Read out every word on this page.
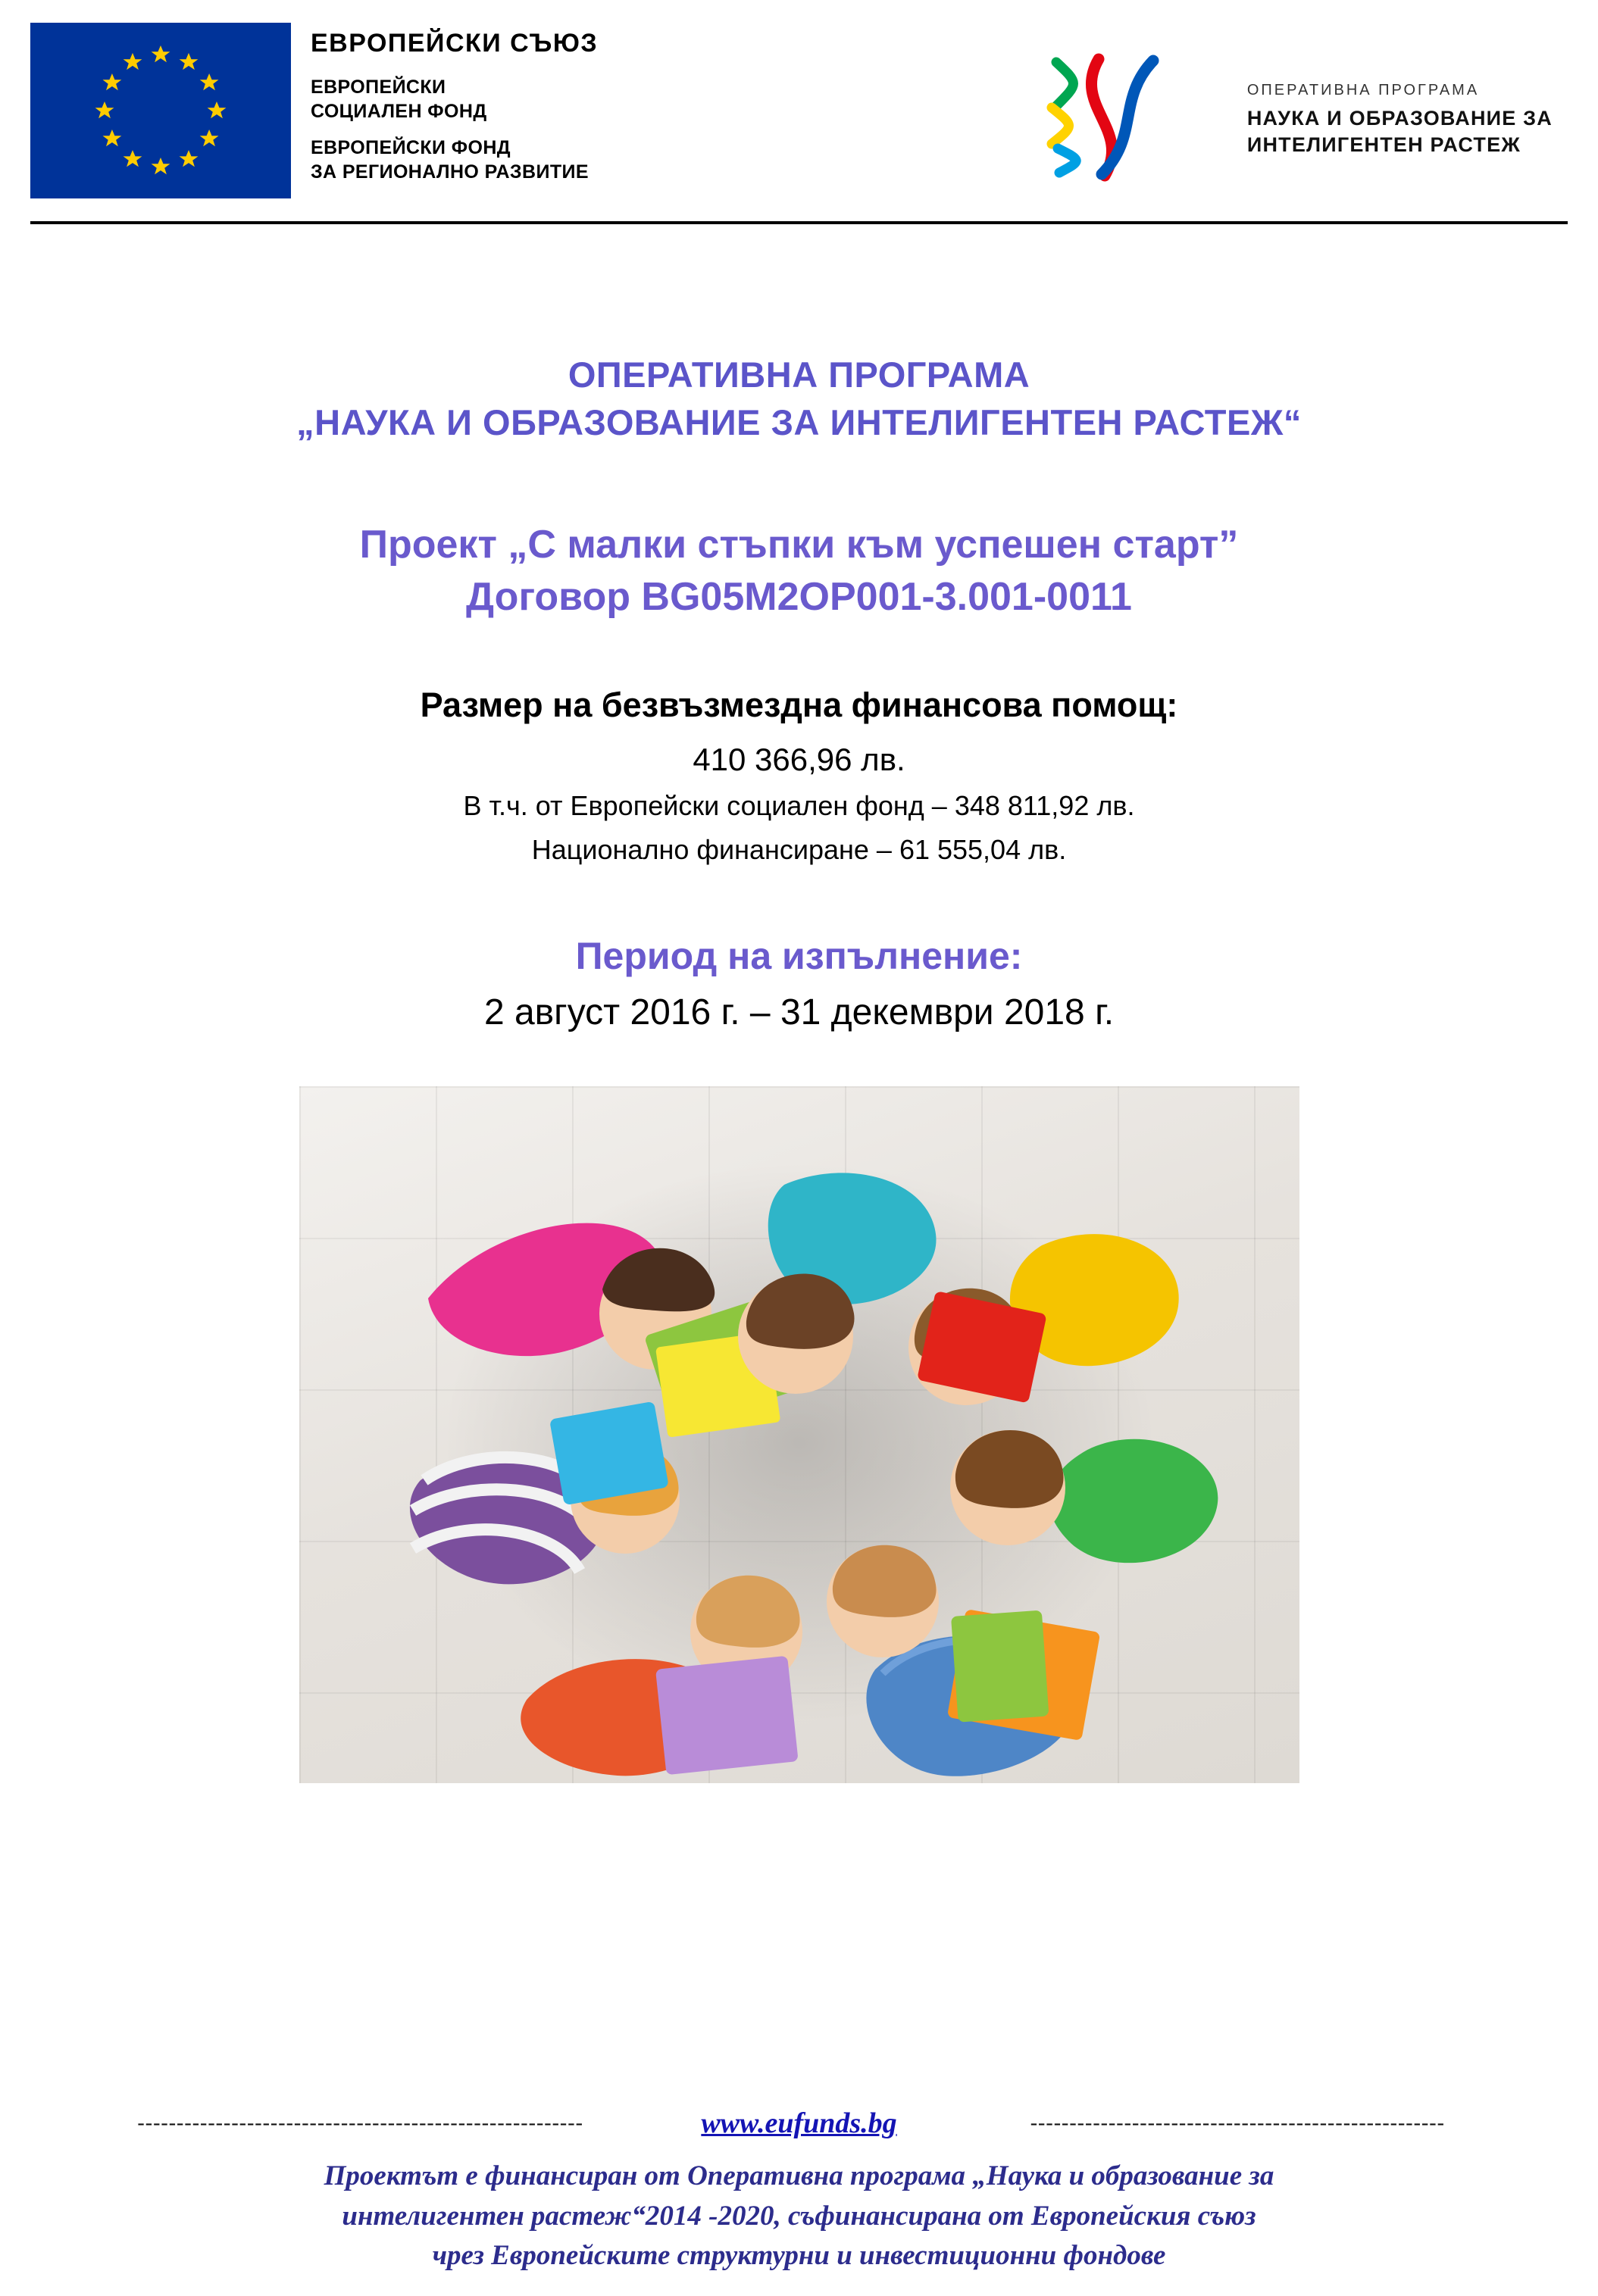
ЕВРОПЕЙСКИ СЪЮЗ
ЕВРОПЕЙСКИ
СОЦИАЛЕН ФОНД
ЕВРОПЕЙСКИ ФОНД
ЗА РЕГИОНАЛНО РАЗВИТИЕ
ОПЕРАТИВНА ПРОГРАМА
НАУКА И ОБРАЗОВАНИЕ ЗА
ИНТЕЛИГЕНТЕН РАСТЕЖ
ОПЕРАТИВНА ПРОГРАМА
„НАУКА И ОБРАЗОВАНИЕ ЗА ИНТЕЛИГЕНТЕН РАСТЕЖ“
Проект „С малки стъпки към успешен старт”
Договор BG05M2OP001-3.001-0011
Размер на безвъзмездна финансова помощ:
410 366,96 лв.
В т.ч. от Европейски социален фонд – 348 811,92 лв.
Национално финансиране – 61 555,04 лв.
Период на изпълнение:
2 август 2016 г. – 31 декември 2018 г.
---------------------------------------------------------	www.eufunds.bg	-----------------------------------------------------
Проектът е финансиран от Оперативна програма „Наука и образование за
интелигентен растеж“2014 -2020, съфинансирана от Европейския съюз
чрез Европейските структурни и инвестиционни фондове
